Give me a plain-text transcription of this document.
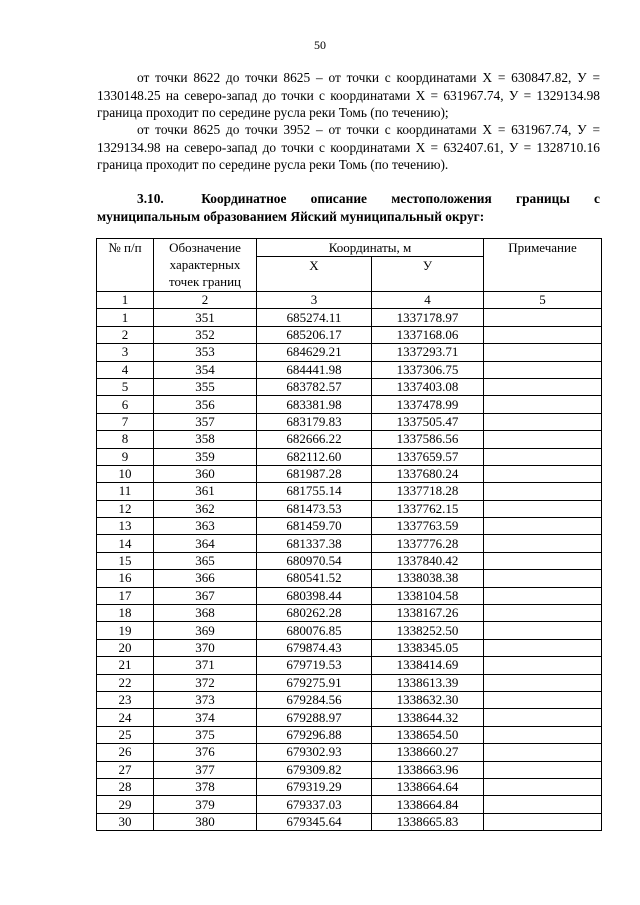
50

от точки 8622 до точки 8625 – от точки с координатами Х = 630847.82, У = 1330148.25 на северо-запад до точки с координатами Х = 631967.74, У = 1329134.98 граница проходит по середине русла реки Томь (по течению);

от точки 8625 до точки 3952 – от точки с координатами Х = 631967.74, У = 1329134.98 на северо-запад до точки с координатами Х = 632407.61, У = 1328710.16 граница проходит по середине русла реки Томь (по течению).

3.10.	Координатное описание местоположения границы с муниципальным образованием Яйский муниципальный округ:

№ п/п	Обозначение характерных точек границ	Координаты, м		Примечание
		Х	У	
1	2	3	4	5
1	351	685274.11	1337178.97	
2	352	685206.17	1337168.06	
3	353	684629.21	1337293.71	
4	354	684441.98	1337306.75	
5	355	683782.57	1337403.08	
6	356	683381.98	1337478.99	
7	357	683179.83	1337505.47	
8	358	682666.22	1337586.56	
9	359	682112.60	1337659.57	
10	360	681987.28	1337680.24	
11	361	681755.14	1337718.28	
12	362	681473.53	1337762.15	
13	363	681459.70	1337763.59	
14	364	681337.38	1337776.28	
15	365	680970.54	1337840.42	
16	366	680541.52	1338038.38	
17	367	680398.44	1338104.58	
18	368	680262.28	1338167.26	
19	369	680076.85	1338252.50	
20	370	679874.43	1338345.05	
21	371	679719.53	1338414.69	
22	372	679275.91	1338613.39	
23	373	679284.56	1338632.30	
24	374	679288.97	1338644.32	
25	375	679296.88	1338654.50	
26	376	679302.93	1338660.27	
27	377	679309.82	1338663.96	
28	378	679319.29	1338664.64	
29	379	679337.03	1338664.84	
30	380	679345.64	1338665.83	
